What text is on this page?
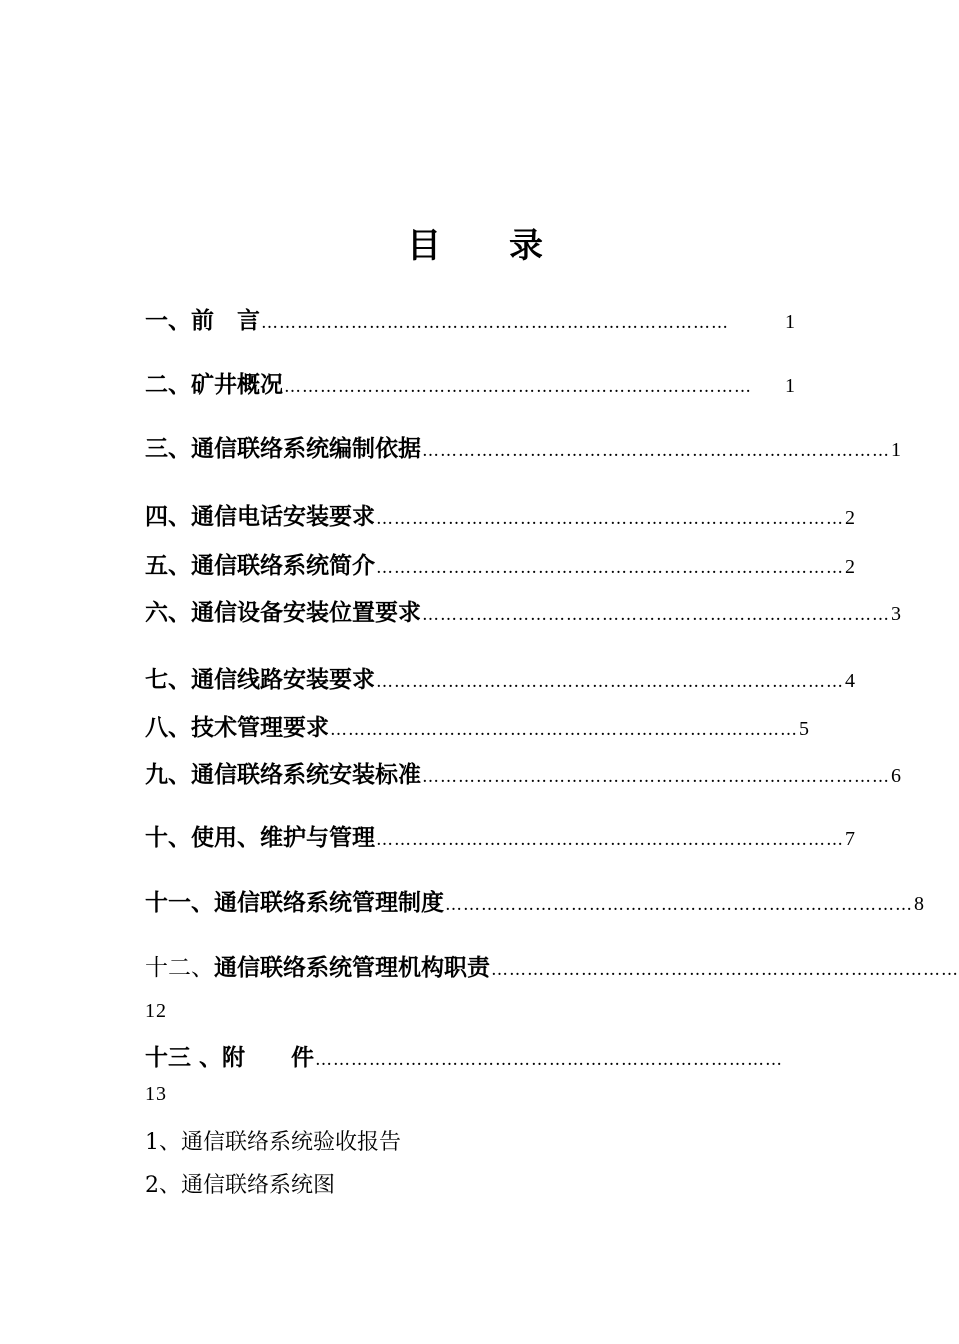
目 录
一、前　言 ……………………………………………………………………	1
二、矿井概况 ……………………………………………………………………	1
三、通信联络系统编制依据 …………………………………………………………………… 1
四、通信电话安装要求 …………………………………………………………………… 2
五、通信联络系统简介 …………………………………………………………………… 2
六、通信设备安装位置要求 …………………………………………………………………… 3
七、通信线路安装要求 …………………………………………………………………… 4
八、技术管理要求 …………………………………………………………………… 5
九、通信联络系统安装标准 …………………………………………………………………… 6
十、使用、维护与管理 …………………………………………………………………… 7
十一、通信联络系统管理制度 …………………………………………………………………… 8
十二、通信联络系统管理机构职责 ……………………………………………………………………
12
十三 、附　　件 ……………………………………………………………………
13
1、通信联络系统验收报告
2、通信联络系统图
